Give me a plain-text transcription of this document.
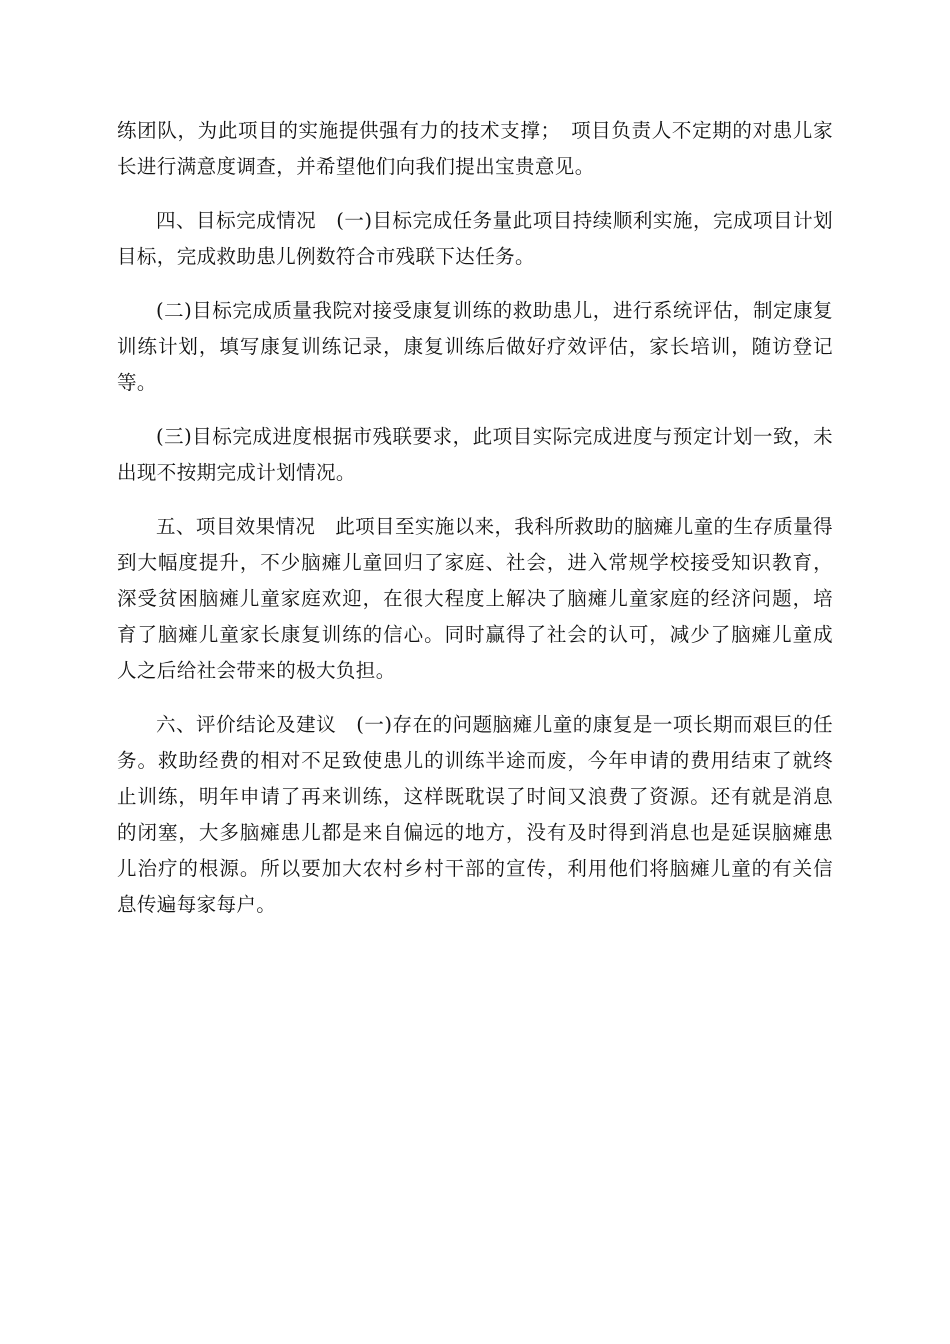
练团队，为此项目的实施提供强有力的技术支撑；　项目负责人不定期的对患儿家长进行满意度调查，并希望他们向我们提出宝贵意见。

四、目标完成情况　(一)目标完成任务量此项目持续顺利实施，完成项目计划目标，完成救助患儿例数符合市残联下达任务。

(二)目标完成质量我院对接受康复训练的救助患儿，进行系统评估，制定康复训练计划，填写康复训练记录，康复训练后做好疗效评估，家长培训，随访登记等。

(三)目标完成进度根据市残联要求，此项目实际完成进度与预定计划一致，未出现不按期完成计划情况。

五、项目效果情况　此项目至实施以来，我科所救助的脑瘫儿童的生存质量得到大幅度提升，不少脑瘫儿童回归了家庭、社会，进入常规学校接受知识教育，深受贫困脑瘫儿童家庭欢迎，在很大程度上解决了脑瘫儿童家庭的经济问题，培育了脑瘫儿童家长康复训练的信心。同时赢得了社会的认可，减少了脑瘫儿童成人之后给社会带来的极大负担。

六、评价结论及建议　(一)存在的问题脑瘫儿童的康复是一项长期而艰巨的任务。救助经费的相对不足致使患儿的训练半途而废，今年申请的费用结束了就终止训练，明年申请了再来训练，这样既耽误了时间又浪费了资源。还有就是消息的闭塞，大多脑瘫患儿都是来自偏远的地方，没有及时得到消息也是延误脑瘫患儿治疗的根源。所以要加大农村乡村干部的宣传，利用他们将脑瘫儿童的有关信息传遍每家每户。
